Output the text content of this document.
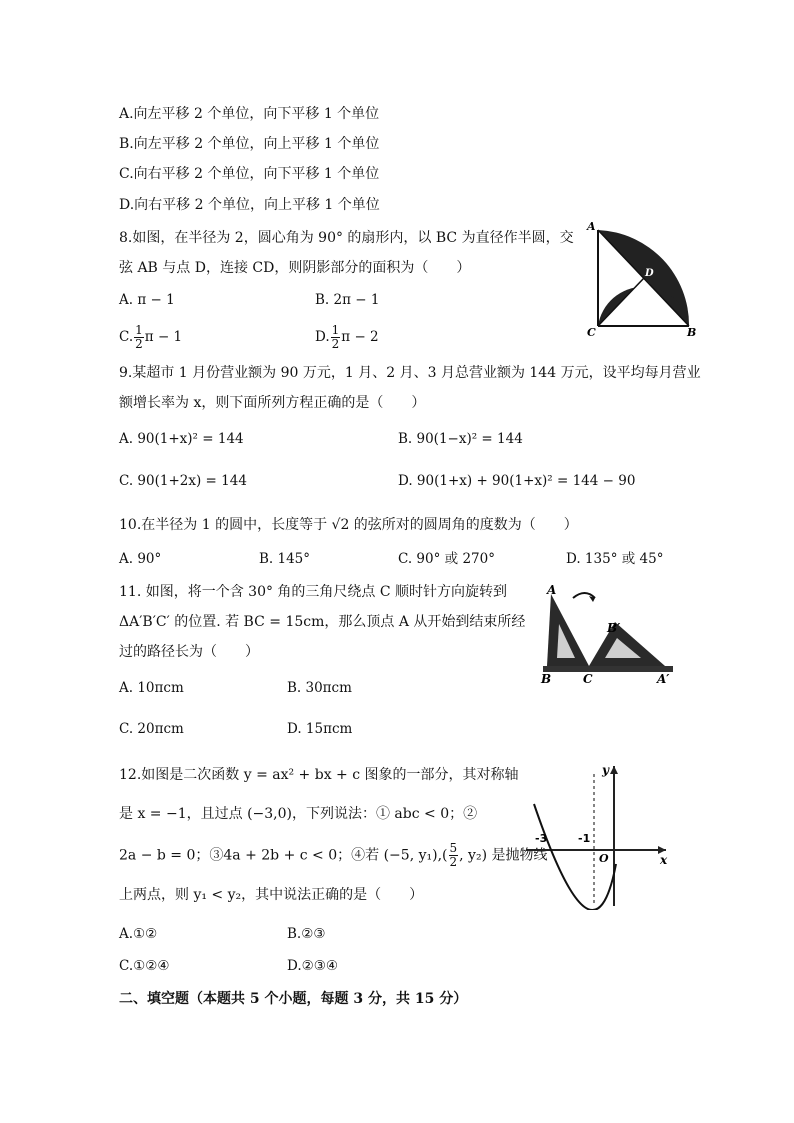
A.向左平移 2 个单位，向下平移 1 个单位
B.向左平移 2 个单位，向上平移 1 个单位
C.向右平移 2 个单位，向下平移 1 个单位
D.向右平移 2 个单位，向上平移 1 个单位
8.如图，在半径为 2，圆心角为 90° 的扇形内，以 BC 为直径作半圆，交
弦 AB 与点 D，连接 CD，则阴影部分的面积为（　　）
A. π − 1	B. 2π − 1
C. $\frac{1}{2}$ π − 1	D. $\frac{1}{2}$ π − 2
A
C	B
D
9.某超市 1 月份营业额为 90 万元，1 月、2 月、3 月总营业额为 144 万元，设平均每月营业
额增长率为 x，则下面所列方程正确的是（　　）
A. 90(1+x)² = 144	B. 90(1−x)² = 144
C. 90(1+2x) = 144	D. 90(1+x) + 90(1+x)² = 144 − 90
10.在半径为 1 的圆中，长度等于 √2 的弦所对的圆周角的度数为（　　）
A. 90°	B. 145°	C. 90° 或 270°	D. 135° 或 45°
11. 如图，将一个含 30° 角的三角尺绕点 C 顺时针方向旋转到
ΔA′B′C′ 的位置. 若 BC = 15cm，那么顶点 A 从开始到结束所经
过的路径长为（　　）
A. 10πcm	B. 30πcm
C. 20πcm	D. 15πcm
A
B	C
B′
A′
12.如图是二次函数 y = ax² + bx + c 图象的一部分，其对称轴
是 x = −1，且过点 (−3,0)，下列说法：① abc < 0；②
2a − b = 0；③4a + 2b + c < 0；④若 (−5, $y_1),( \frac{5}{2}$ , y₂) 是抛物线
上两点，则 y₁ < y₂，其中说法正确的是（　　）
A.①②	B.②③
C.①②④	D.②③④
-3	-1
O
y
x
二、填空题（本题共 5 个小题，每题 3 分，共 15 分）
